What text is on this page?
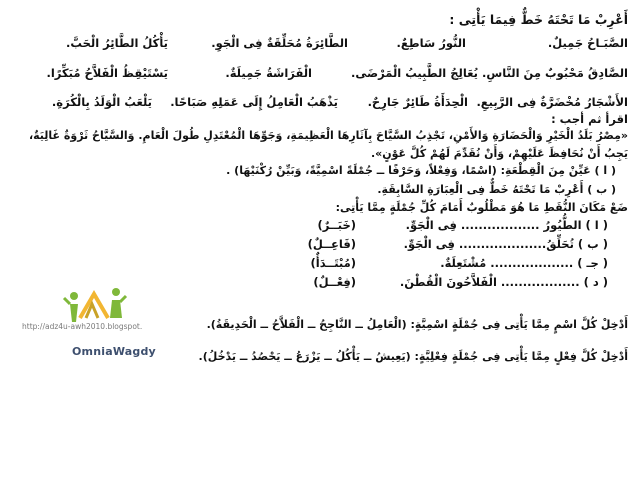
أَعْرِبْ مَا تَحْتَهُ خَطٌّ فِيمَا يَأْتِى :
الصَّبَـاحُ جَمِيلٌ.
النُّورُ سَاطِعٌ.
الطَّائِرَةُ مُحَلِّقَةٌ فِى الْجَوِ.
يَأْكُلُ الطَّائِرُ الْحَبَّ.
الصَّادِقُ مَحْبُوبٌ مِنَ النَّاسِ.
يُعَالِجُ الطَّبِيبُ الْمَرْضَى.
الْفَرَاشَةُ جَمِيلَةٌ.
يَسْتَيْقِظُ الْفَلاَّحُ مُبَكِّرًا.
الأَشْجَارُ مُخْضَرَّةٌ فِى الرَّبِيعِ.
الْحِدَأَةُ طَائِرٌ جَارِحٌ.
يَذْهَبُ الْعَامِلُ إِلَى عَمَلِهِ صَبَاحًا.
يَلْعَبُ الْوَلَدُ بِالْكُرَةِ.
اقرأ ثم أجب :
«مِصْرُ بَلَدُ الْخَيْرِ وَالْحَضَارَةِ وَالأَمْنِ، تَجْذِبُ السَّيَّاحَ بِآثَارِهَا الْعَظِيمَةِ، وَجَوِّهَا الْمُعْتَدِلِ طُولَ الْعَامِ. وَالسَّيَّاحُ ثَرْوَةٌ غَالِيَةٌ،
يَجِبُ أَنْ نُحَافِظَ عَلَيْهِمْ، وَأَنْ نُقَدِّمَ لَهُمْ كُلَّ عَوْنٍ».
( ا ) عَيِّنْ مِنَ الْقِطْعَةِ: (اسْمًا، وَفِعْلاً، وَحَرْفًا ــ جُمْلَةً اسْمِيَّةً، وَبَيِّنْ رُكْنَيْهَا) .
( ب ) أَعْرِبْ مَا تَحْتَهُ خَطٌّ فِى الْعِبَارَةِ السَّابِقَةِ.
ضَعْ مَكَانَ النُّقَطِ مَا هُوَ مَطْلُوبٌ أَمَامَ كُلِّ جُمْلَةٍ مِمَّا يَأْتِى:
( ا ) الطُّيُورُ .................. فِى الْجَوِّ.
(خَبَــرٌ)
( ب ) تُحَلِّقُ.................... فِى الْجَوِّ.
(فَاعِــلٌ)
( جـ ) ................... مُشْتَعِلَةٌ.
(مُبْتَــدَأٌ)
( د ) .................. الْفَلاَّحُونَ الْقُطْنَ.
(فِعْــلٌ)
أَدْخِلْ كُلَّ اسْمٍ مِمَّا يَأْتِى فِى جُمْلَةٍ اسْمِيَّةٍ: (الْعَامِلُ ــ النَّاجِحُ ــ الْفَلاَّحُ ــ الْحَدِيقَةُ).
أَدْخِلْ كُلَّ فِعْلٍ مِمَّا يَأْتِى فِى جُمْلَةٍ فِعْلِيَّةٍ: (يَعِيشُ ــ يَأْكُلُ ــ يَزْرَعُ ــ يَحْصُدُ ــ يَدْخُلُ).
http://adz4u-awh2010.blogspot.
OmniaWagdy
